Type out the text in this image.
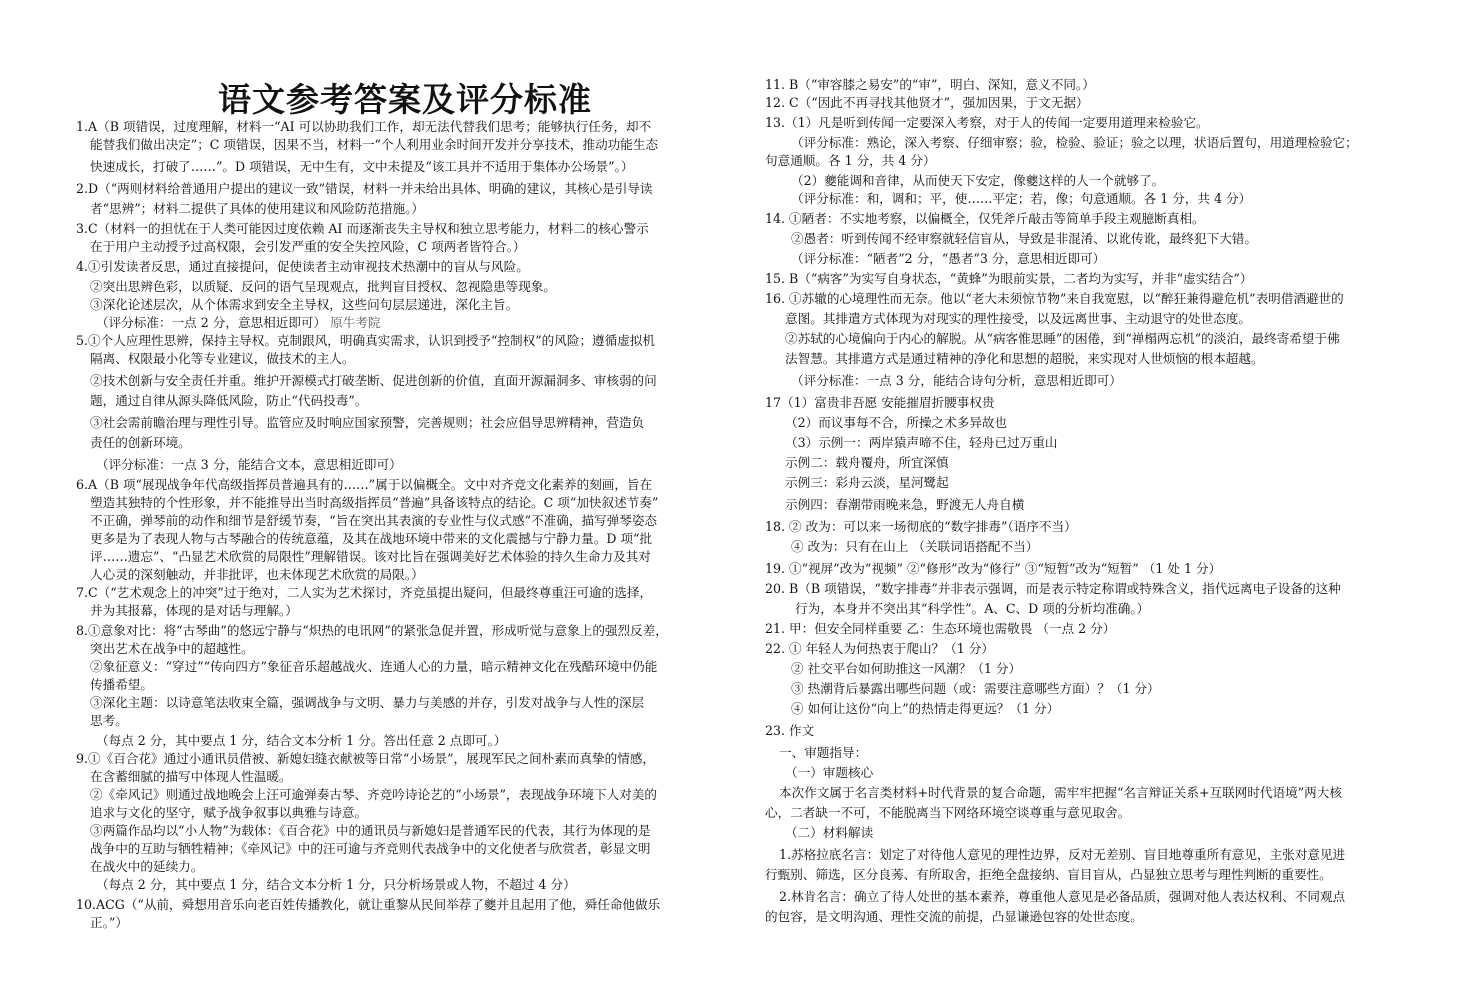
语文参考答案及评分标准
1.A（B 项错误，过度理解，材料一“AI 可以协助我们工作，却无法代替我们思考；能够执行任务，却不
能替我们做出决定”；C 项错误，因果不当，材料一“个人利用业余时间开发并分享技术，推动功能生态
快速成长，打破了……”。D 项错误，无中生有，文中未提及“该工具并不适用于集体办公场景”。）
2.D（“两则材料给普通用户提出的建议一致”错误，材料一并未给出具体、明确的建议，其核心是引导读
者“思辨”；材料二提供了具体的使用建议和风险防范措施。）
3.C（材料一的担忧在于人类可能因过度依赖 AI 而逐渐丧失主导权和独立思考能力，材料二的核心警示
在于用户主动授予过高权限，会引发严重的安全失控风险，C 项两者皆符合。）
4.①引发读者反思，通过直接提问，促使读者主动审视技术热潮中的盲从与风险。
②突出思辨色彩，以质疑、反问的语气呈现观点，批判盲目授权、忽视隐患等现象。
③深化论述层次，从个体需求到安全主导权，这些问句层层递进，深化主旨。
（评分标准：一点 2 分，意思相近即可） 原牛考院
5.①个人应理性思辨，保持主导权。克制跟风，明确真实需求，认识到授予“控制权”的风险；遵循虚拟机
隔离、权限最小化等专业建议，做技术的主人。
②技术创新与安全责任并重。维护开源模式打破垄断、促进创新的价值，直面开源漏洞多、审核弱的问
题，通过自律从源头降低风险，防止“代码投毒”。
③社会需前瞻治理与理性引导。监管应及时响应国家预警，完善规则；社会应倡导思辨精神，营造负
责任的创新环境。
（评分标准：一点 3 分，能结合文本，意思相近即可）
6.A（B 项“展现战争年代高级指挥员普遍具有的……”属于以偏概全。文中对齐竞文化素养的刻画，旨在
塑造其独特的个性形象，并不能推导出当时高级指挥员“普遍”具备该特点的结论。C 项“加快叙述节奏”
不正确，弹琴前的动作和细节是舒缓节奏，“旨在突出其表演的专业性与仪式感”不准确，描写弹琴姿态
更多是为了表现人物与古琴融合的传统意蕴，及其在战地环境中带来的文化震撼与宁静力量。D 项“批
评……遗忘”、“凸显艺术欣赏的局限性”理解错误。该对比旨在强调美好艺术体验的持久生命力及其对
人心灵的深刻触动，并非批评，也未体现艺术欣赏的局限。）
7.C（“艺术观念上的冲突”过于绝对，二人实为艺术探讨，齐竞虽提出疑问，但最终尊重汪可逾的选择，
并为其报幕，体现的是对话与理解。）
8.①意象对比：将“古琴曲”的悠远宁静与“炽热的电讯网”的紧张急促并置，形成听觉与意象上的强烈反差，
突出艺术在战争中的超越性。
②象征意义：“穿过”“传向四方”象征音乐超越战火、连通人心的力量，暗示精神文化在残酷环境中仍能
传播希望。
③深化主题：以诗意笔法收束全篇，强调战争与文明、暴力与美感的并存，引发对战争与人性的深层
思考。
（每点 2 分，其中要点 1 分，结合文本分析 1 分。答出任意 2 点即可。）
9.①《百合花》通过小通讯员借被、新媳妇缝衣献被等日常“小场景”，展现军民之间朴素而真挚的情感，
在含蓄细腻的描写中体现人性温暖。
②《牵风记》则通过战地晚会上汪可逾弹奏古琴、齐竞吟诗论艺的“小场景”，表现战争环境下人对美的
追求与文化的坚守，赋予战争叙事以典雅与诗意。
③两篇作品均以“小人物”为载体：《百合花》中的通讯员与新媳妇是普通军民的代表，其行为体现的是
战争中的互助与牺牲精神；《牵风记》中的汪可逾与齐竞则代表战争中的文化使者与欣赏者，彰显文明
在战火中的延续力。
（每点 2 分，其中要点 1 分，结合文本分析 1 分，只分析场景或人物，不超过 4 分）
10.ACG（“从前，舜想用音乐向老百姓传播教化，就让重黎从民间举荐了夔并且起用了他，舜任命他做乐
正。”）
11. B（“审容膝之易安”的“审”，明白、深知，意义不同。）
12. C（“因此不再寻找其他贤才”，强加因果，于文无据）
13.（1）凡是听到传闻一定要深入考察，对于人的传闻一定要用道理来检验它。
（评分标准：熟论，深入考察、仔细审察；验，检验、验证；验之以理，状语后置句，用道理检验它；
句意通顺。各 1 分，共 4 分）
（2）夔能调和音律，从而使天下安定，像夔这样的人一个就够了。
（评分标准：和，调和；平，使……平定；若，像；句意通顺。各 1 分，共 4 分）
14. ①陋者：不实地考察，以偏概全，仅凭斧斤敲击等简单手段主观臆断真相。
②愚者：听到传闻不经审察就轻信盲从，导致是非混淆、以讹传讹，最终犯下大错。
（评分标准：“陋者”2 分，“愚者”3 分，意思相近即可）
15. B（“病客”为实写自身状态，“黄蜂”为眼前实景，二者均为实写，并非“虚实结合”）
16. ①苏辙的心境理性而无奈。他以“老大未须惊节物”来自我宽慰，以“醉狂兼得避危机”表明借酒避世的
意图。其排遣方式体现为对现实的理性接受，以及远离世事、主动退守的处世态度。
②苏轼的心境偏向于内心的解脱。从“病客惟思睡”的困倦，到“禅榻两忘机”的淡泊，最终寄希望于佛
法智慧。其排遣方式是通过精神的净化和思想的超脱，来实现对人世烦恼的根本超越。
（评分标准：一点 3 分，能结合诗句分析，意思相近即可）
17（1）富贵非吾愿 安能摧眉折腰事权贵
（2）而议事每不合，所操之术多异故也
（3）示例一：两岸猿声啼不住，轻舟已过万重山
示例二：载舟覆舟，所宜深慎
示例三：彩舟云淡，星河鹭起
示例四：春潮带雨晚来急，野渡无人舟自横
18. ② 改为：可以来一场彻底的“数字排毒”（语序不当）
④ 改为：只有在山上 （关联词语搭配不当）
19. ①“视屏”改为“视频” ②“修形”改为“修行” ③“短暂”改为“短暂” （1 处 1 分）
20. B（B 项错误，“数字排毒”并非表示强调，而是表示特定称谓或特殊含义，指代远离电子设备的这种
行为，本身并不突出其“科学性”。A、C、D 项的分析均准确。）
21. 甲：但安全同样重要 乙：生态环境也需敬畏 （一点 2 分）
22. ① 年轻人为何热衷于爬山？（1 分）
② 社交平台如何助推这一风潮？（1 分）
③ 热潮背后暴露出哪些问题（或：需要注意哪些方面）？（1 分）
④ 如何让这份“向上”的热情走得更远？（1 分）
23. 作文
一、审题指导：
（一）审题核心
本次作文属于名言类材料+时代背景的复合命题，需牢牢把握“名言辩证关系+互联网时代语境”两大核
心，二者缺一不可，不能脱离当下网络环境空谈尊重与意见取舍。
（二）材料解读
1.苏格拉底名言：划定了对待他人意见的理性边界，反对无差别、盲目地尊重所有意见，主张对意见进
行甄别、筛选，区分良莠、有所取舍，拒绝全盘接纳、盲目盲从，凸显独立思考与理性判断的重要性。
2.林肯名言：确立了待人处世的基本素养，尊重他人意见是必备品质，强调对他人表达权利、不同观点
的包容，是文明沟通、理性交流的前提，凸显谦逊包容的处世态度。
